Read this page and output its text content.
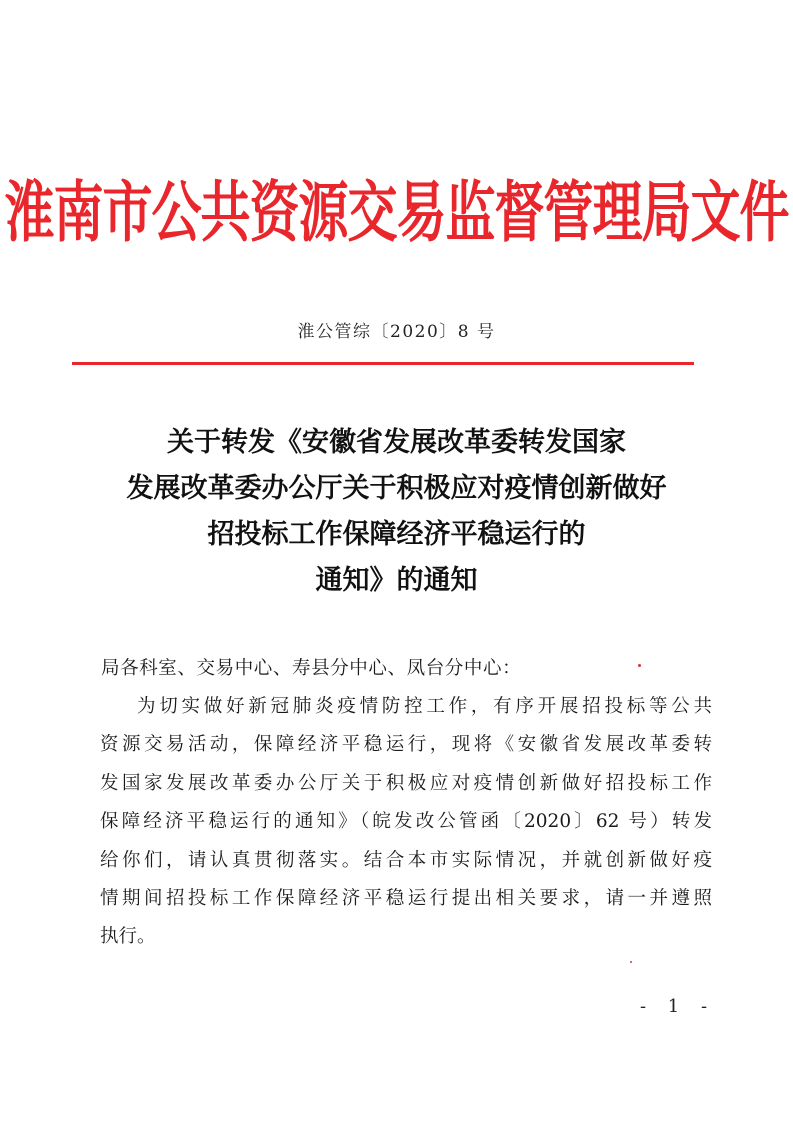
淮南市公共资源交易监督管理局文件
淮公管综〔2020〕8 号
关于转发《安徽省发展改革委转发国家
发展改革委办公厅关于积极应对疫情创新做好
招投标工作保障经济平稳运行的
通知》的通知
局各科室、交易中心、寿县分中心、凤台分中心：
为切实做好新冠肺炎疫情防控工作，有序开展招投标等公共
资源交易活动，保障经济平稳运行，现将《安徽省发展改革委转
发国家发展改革委办公厅关于积极应对疫情创新做好招投标工作
保障经济平稳运行的通知》（皖发改公管函〔2020〕62 号）转发
给你们，请认真贯彻落实。结合本市实际情况，并就创新做好疫
情期间招投标工作保障经济平稳运行提出相关要求，请一并遵照
执行。
- 1 -
